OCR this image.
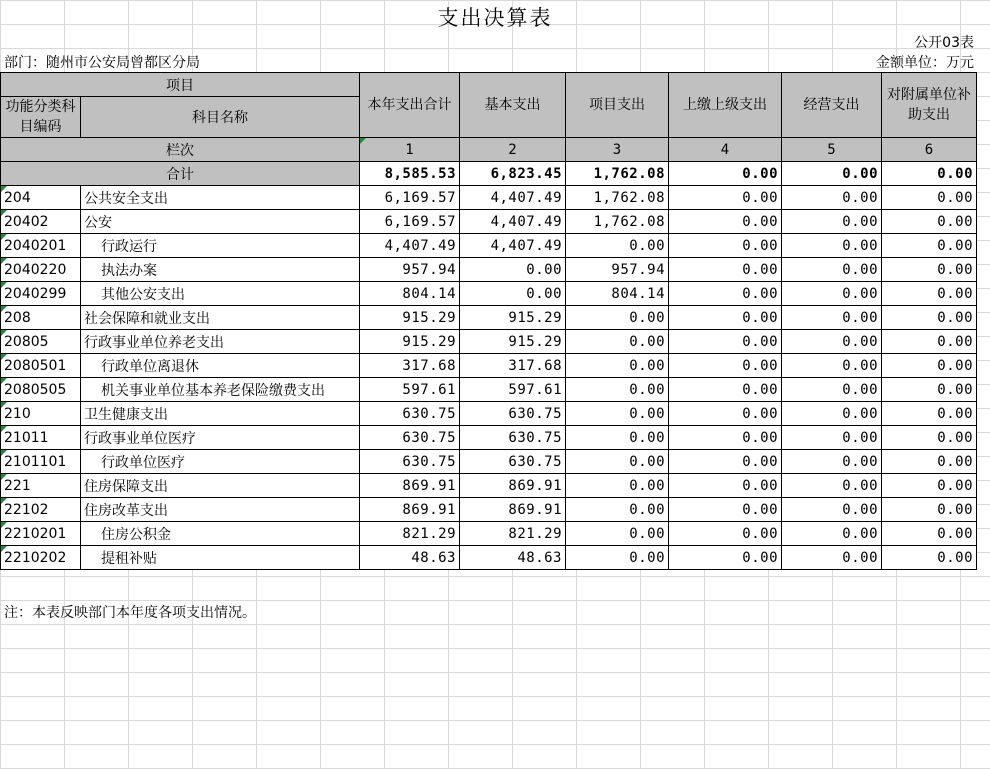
支出决算表
公开03表
部门：随州市公安局曾都区分局	金额单位：万元
项目		本年支出合计	基本支出	项目支出	上缴上级支出	经营支出	对附属单位补助支出
功能分类科目编码	科目名称						

栏次		1	2	3	4	5	6
合计		8,585.53	6,823.45	1,762.08	0.00	0.00	0.00

204	公共安全支出	6,169.57	4,407.49	1,762.08	0.00	0.00	0.00

20402	公安	6,169.57	4,407.49	1,762.08	0.00	0.00	0.00

2040201	行政运行	4,407.49	4,407.49	0.00	0.00	0.00	0.00

2040220	执法办案	957.94	0.00	957.94	0.00	0.00	0.00

2040299	其他公安支出	804.14	0.00	804.14	0.00	0.00	0.00

208	社会保障和就业支出	915.29	915.29	0.00	0.00	0.00	0.00

20805	行政事业单位养老支出	915.29	915.29	0.00	0.00	0.00	0.00

2080501	行政单位离退休	317.68	317.68	0.00	0.00	0.00	0.00

2080505	机关事业单位基本养老保险缴费支出	597.61	597.61	0.00	0.00	0.00	0.00

210	卫生健康支出	630.75	630.75	0.00	0.00	0.00	0.00

21011	行政事业单位医疗	630.75	630.75	0.00	0.00	0.00	0.00

2101101	行政单位医疗	630.75	630.75	0.00	0.00	0.00	0.00

221	住房保障支出	869.91	869.91	0.00	0.00	0.00	0.00

22102	住房改革支出	869.91	869.91	0.00	0.00	0.00	0.00

2210201	住房公积金	821.29	821.29	0.00	0.00	0.00	0.00

2210202	提租补贴	48.63	48.63	0.00	0.00	0.00	0.00
注：本表反映部门本年度各项支出情况。
